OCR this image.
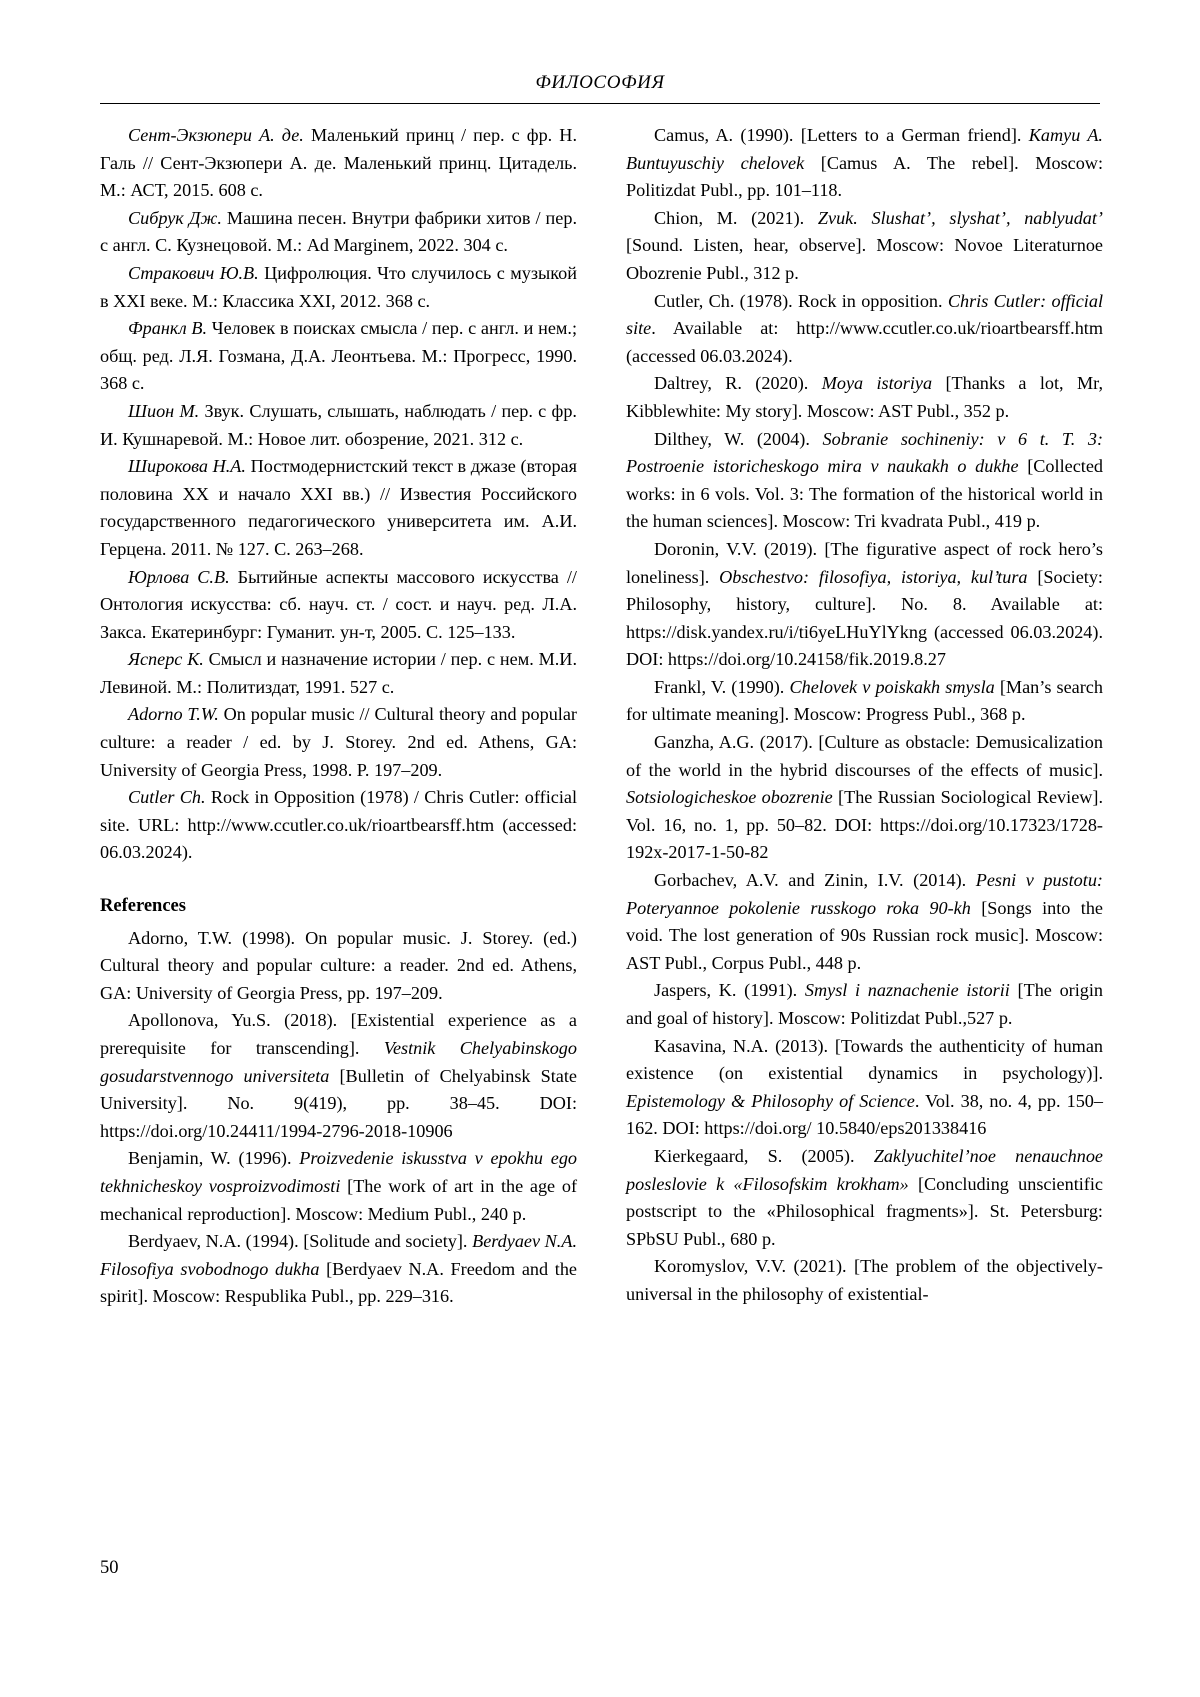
ФИЛОСОФИЯ

Сент-Экзюпери А. де. Маленький принц / пер. с фр. Н. Галь // Сент-Экзюпери А. де. Маленький принц. Цитадель. М.: АСТ, 2015. 608 с.

Сибрук Дж. Машина песен. Внутри фабрики хитов / пер. с англ. С. Кузнецовой. М.: Ad Marginem, 2022. 304 с.

Стракович Ю.В. Цифролюция. Что случилось с музыкой в XXI веке. М.: Классика XXI, 2012. 368 с.

Франкл В. Человек в поисках смысла / пер. с англ. и нем.; общ. ред. Л.Я. Гозмана, Д.А. Леонтьева. М.: Прогресс, 1990. 368 с.

Шион М. Звук. Слушать, слышать, наблюдать / пер. с фр. И. Кушнаревой. М.: Новое лит. обозрение, 2021. 312 с.

Широкова Н.А. Постмодернистский текст в джазе (вторая половина XX и начало XXI вв.) // Известия Российского государственного педагогического университета им. А.И. Герцена. 2011. № 127. С. 263–268.

Юрлова С.В. Бытийные аспекты массового искусства // Онтология искусства: сб. науч. ст. / сост. и науч. ред. Л.А. Закса. Екатеринбург: Гуманит. ун-т, 2005. С. 125–133.

Ясперс К. Смысл и назначение истории / пер. с нем. М.И. Левиной. М.: Политиздат, 1991. 527 с.

Adorno T.W. On popular music // Cultural theory and popular culture: a reader / ed. by J. Storey. 2nd ed. Athens, GA: University of Georgia Press, 1998. P. 197–209.

Cutler Ch. Rock in Opposition (1978) / Chris Cutler: official site. URL: http://www.ccutler.co.uk/rioartbearsff.htm (accessed: 06.03.2024).

References

Adorno, T.W. (1998). On popular music. J. Storey. (ed.) Cultural theory and popular culture: a reader. 2nd ed. Athens, GA: University of Georgia Press, pp. 197–209.

Apollonova, Yu.S. (2018). [Existential experience as a prerequisite for transcending]. Vestnik Chelyabinskogo gosudarstvennogo universiteta [Bulletin of Chelyabinsk State University]. No. 9(419), pp. 38–45. DOI: https://doi.org/10.24411/1994-2796-2018-10906

Benjamin, W. (1996). Proizvedenie iskusstva v epokhu ego tekhnicheskoy vosproizvodimosti [The work of art in the age of mechanical reproduction]. Moscow: Medium Publ., 240 p.

Berdyaev, N.A. (1994). [Solitude and society]. Berdyaev N.A. Filosofiya svobodnogo dukha [Berdyaev N.A. Freedom and the spirit]. Moscow: Respublika Publ., pp. 229–316.

Camus, A. (1990). [Letters to a German friend]. Kamyu A. Buntuyuschiy chelovek [Camus A. The rebel]. Moscow: Politizdat Publ., pp. 101–118.

Chion, M. (2021). Zvuk. Slushat’, slyshat’, nablyudat’ [Sound. Listen, hear, observe]. Moscow: Novoe Literaturnoe Obozrenie Publ., 312 p.

Cutler, Ch. (1978). Rock in opposition. Chris Cutler: official site. Available at: http://www.ccutler.co.uk/rioartbearsff.htm (accessed 06.03.2024).

Daltrey, R. (2020). Moya istoriya [Thanks a lot, Mr, Kibblewhite: My story]. Moscow: AST Publ., 352 p.

Dilthey, W. (2004). Sobranie sochineniy: v 6 t. T. 3: Postroenie istoricheskogo mira v naukakh o dukhe [Collected works: in 6 vols. Vol. 3: The formation of the historical world in the human sciences]. Moscow: Tri kvadrata Publ., 419 p.

Doronin, V.V. (2019). [The figurative aspect of rock hero’s loneliness]. Obschestvo: filosofiya, istoriya, kul’tura [Society: Philosophy, history, culture]. No. 8. Available at: https://disk.yandex.ru/i/ti6yeLHuYlYkng (accessed 06.03.2024). DOI: https://doi.org/10.24158/fik.2019.8.27

Frankl, V. (1990). Chelovek v poiskakh smysla [Man’s search for ultimate meaning]. Moscow: Progress Publ., 368 p.

Ganzha, A.G. (2017). [Culture as obstacle: Demusicalization of the world in the hybrid discourses of the effects of music]. Sotsiologicheskoe obozrenie [The Russian Sociological Review]. Vol. 16, no. 1, pp. 50–82. DOI: https://doi.org/10.17323/1728-192x-2017-1-50-82

Gorbachev, A.V. and Zinin, I.V. (2014). Pesni v pustotu: Poteryannoe pokolenie russkogo roka 90-kh [Songs into the void. The lost generation of 90s Russian rock music]. Moscow: AST Publ., Corpus Publ., 448 p.

Jaspers, K. (1991). Smysl i naznachenie istorii [The origin and goal of history]. Moscow: Politizdat Publ.,527 p.

Kasavina, N.A. (2013). [Towards the authenticity of human existence (on existential dynamics in psychology)]. Epistemology & Philosophy of Science. Vol. 38, no. 4, pp. 150–162. DOI: https://doi.org/ 10.5840/eps201338416

Kierkegaard, S. (2005). Zaklyuchitel’noe nenauchnoe posleslovie k «Filosofskim krokham» [Concluding unscientific postscript to the «Philosophical fragments»]. St. Petersburg: SPbSU Publ., 680 p.

Koromyslov, V.V. (2021). [The problem of the objectively-universal in the philosophy of existential-

50
